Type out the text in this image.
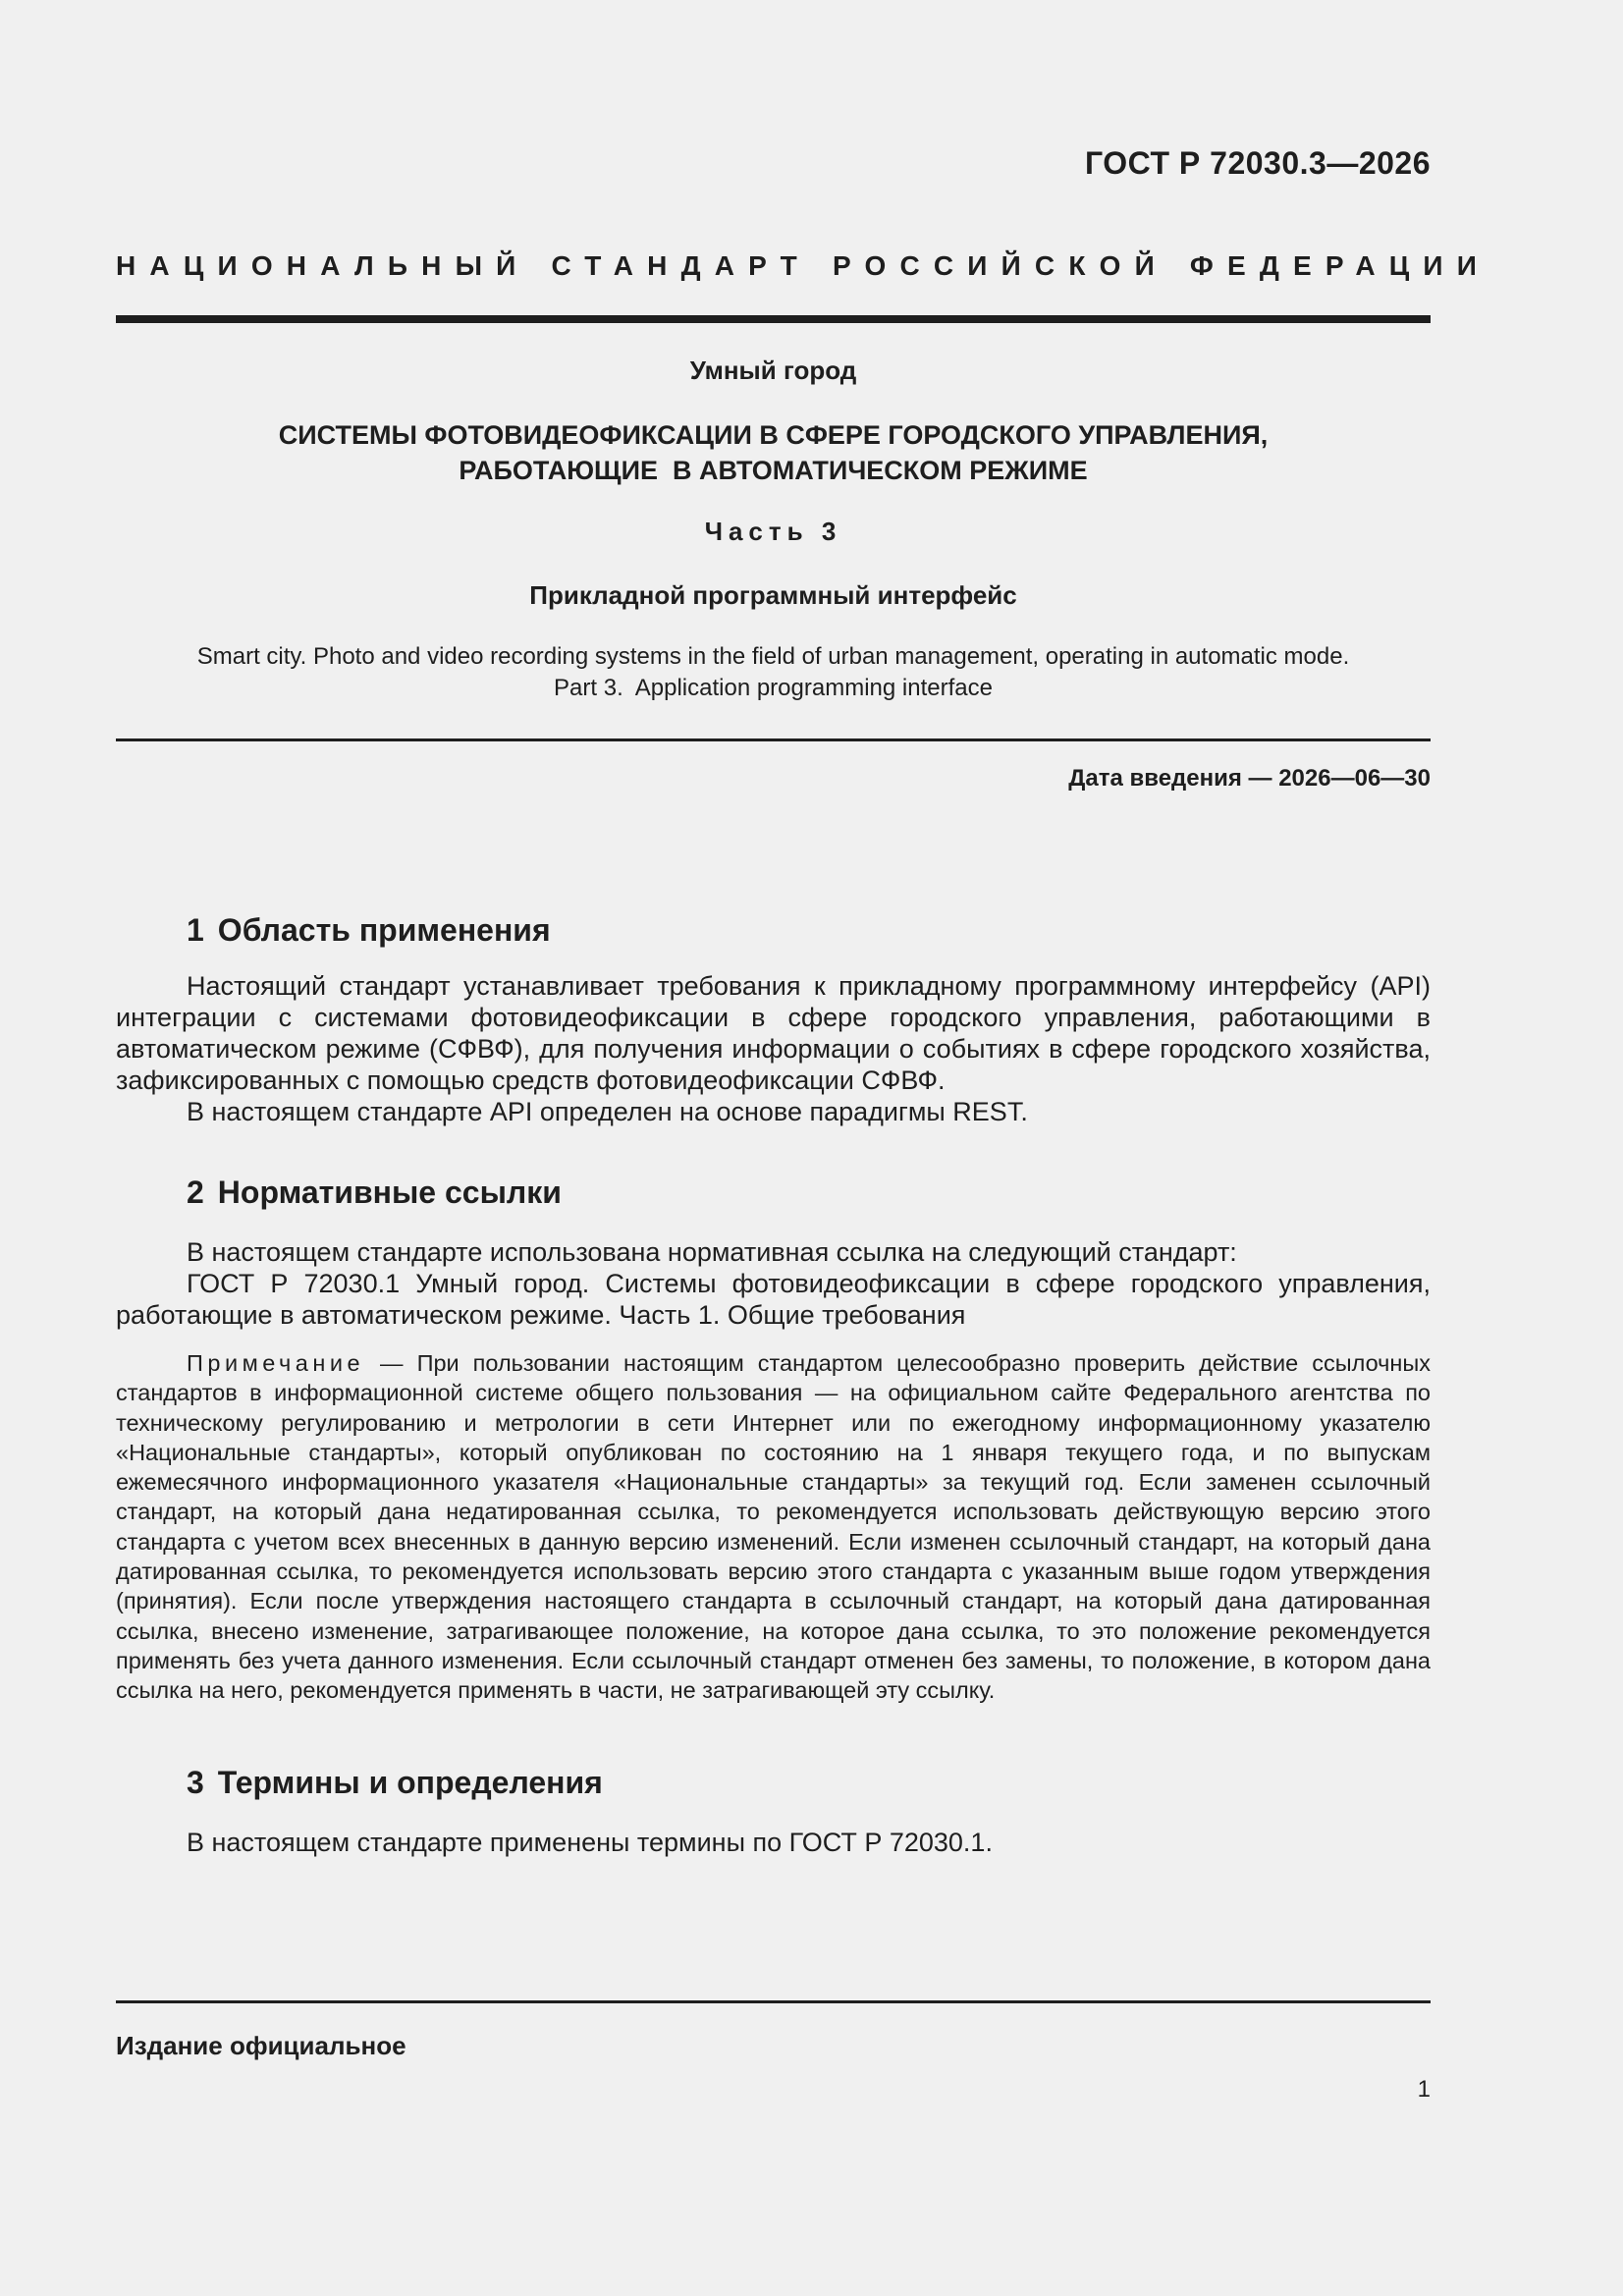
ГОСТ Р 72030.3—2026
НАЦИОНАЛЬНЫЙ СТАНДАРТ РОССИЙСКОЙ ФЕДЕРАЦИИ
Умный город
СИСТЕМЫ ФОТОВИДЕОФИКСАЦИИ В СФЕРЕ ГОРОДСКОГО УПРАВЛЕНИЯ,
РАБОТАЮЩИЕ  В АВТОМАТИЧЕСКОМ РЕЖИМЕ
Часть 3
Прикладной программный интерфейс
Smart city. Photo and video recording systems in the field of urban management, operating in automatic mode.
Part 3.  Application programming interface
Дата введения — 2026—06—30
1 Область применения

Настоящий стандарт устанавливает требования к прикладному программному интерфейсу (API) интеграции с системами фотовидеофиксации в сфере городского управления, работающими в автоматическом режиме (СФВФ), для получения информации о событиях в сфере городского хозяйства, зафиксированных с помощью средств фотовидеофиксации СФВФ.

В настоящем стандарте API определен на основе парадигмы REST.

2 Нормативные ссылки

В настоящем стандарте использована нормативная ссылка на следующий стандарт:

ГОСТ Р 72030.1 Умный город. Системы фотовидеофиксации в сфере городского управления, работающие в автоматическом режиме. Часть 1. Общие требования

Примечание — При пользовании настоящим стандартом целесообразно проверить действие ссылочных стандартов в информационной системе общего пользования — на официальном сайте Федерального агентства по техническому регулированию и метрологии в сети Интернет или по ежегодному информационному указателю «Национальные стандарты», который опубликован по состоянию на 1 января текущего года, и по выпускам ежемесячного информационного указателя «Национальные стандарты» за текущий год. Если заменен ссылочный стандарт, на который дана недатированная ссылка, то рекомендуется использовать действующую версию этого стандарта с учетом всех внесенных в данную версию изменений. Если изменен ссылочный стандарт, на который дана датированная ссылка, то рекомендуется использовать версию этого стандарта с указанным выше годом утверждения (принятия). Если после утверждения настоящего стандарта в ссылочный стандарт, на который дана датированная ссылка, внесено изменение, затрагивающее положение, на которое дана ссылка, то это положение рекомендуется применять без учета данного изменения. Если ссылочный стандарт отменен без замены, то положение, в котором дана ссылка на него, рекомендуется применять в части, не затрагивающей эту ссылку.
3 Термины и определения

В настоящем стандарте применены термины по ГОСТ Р 72030.1.

Издание официальное
1
